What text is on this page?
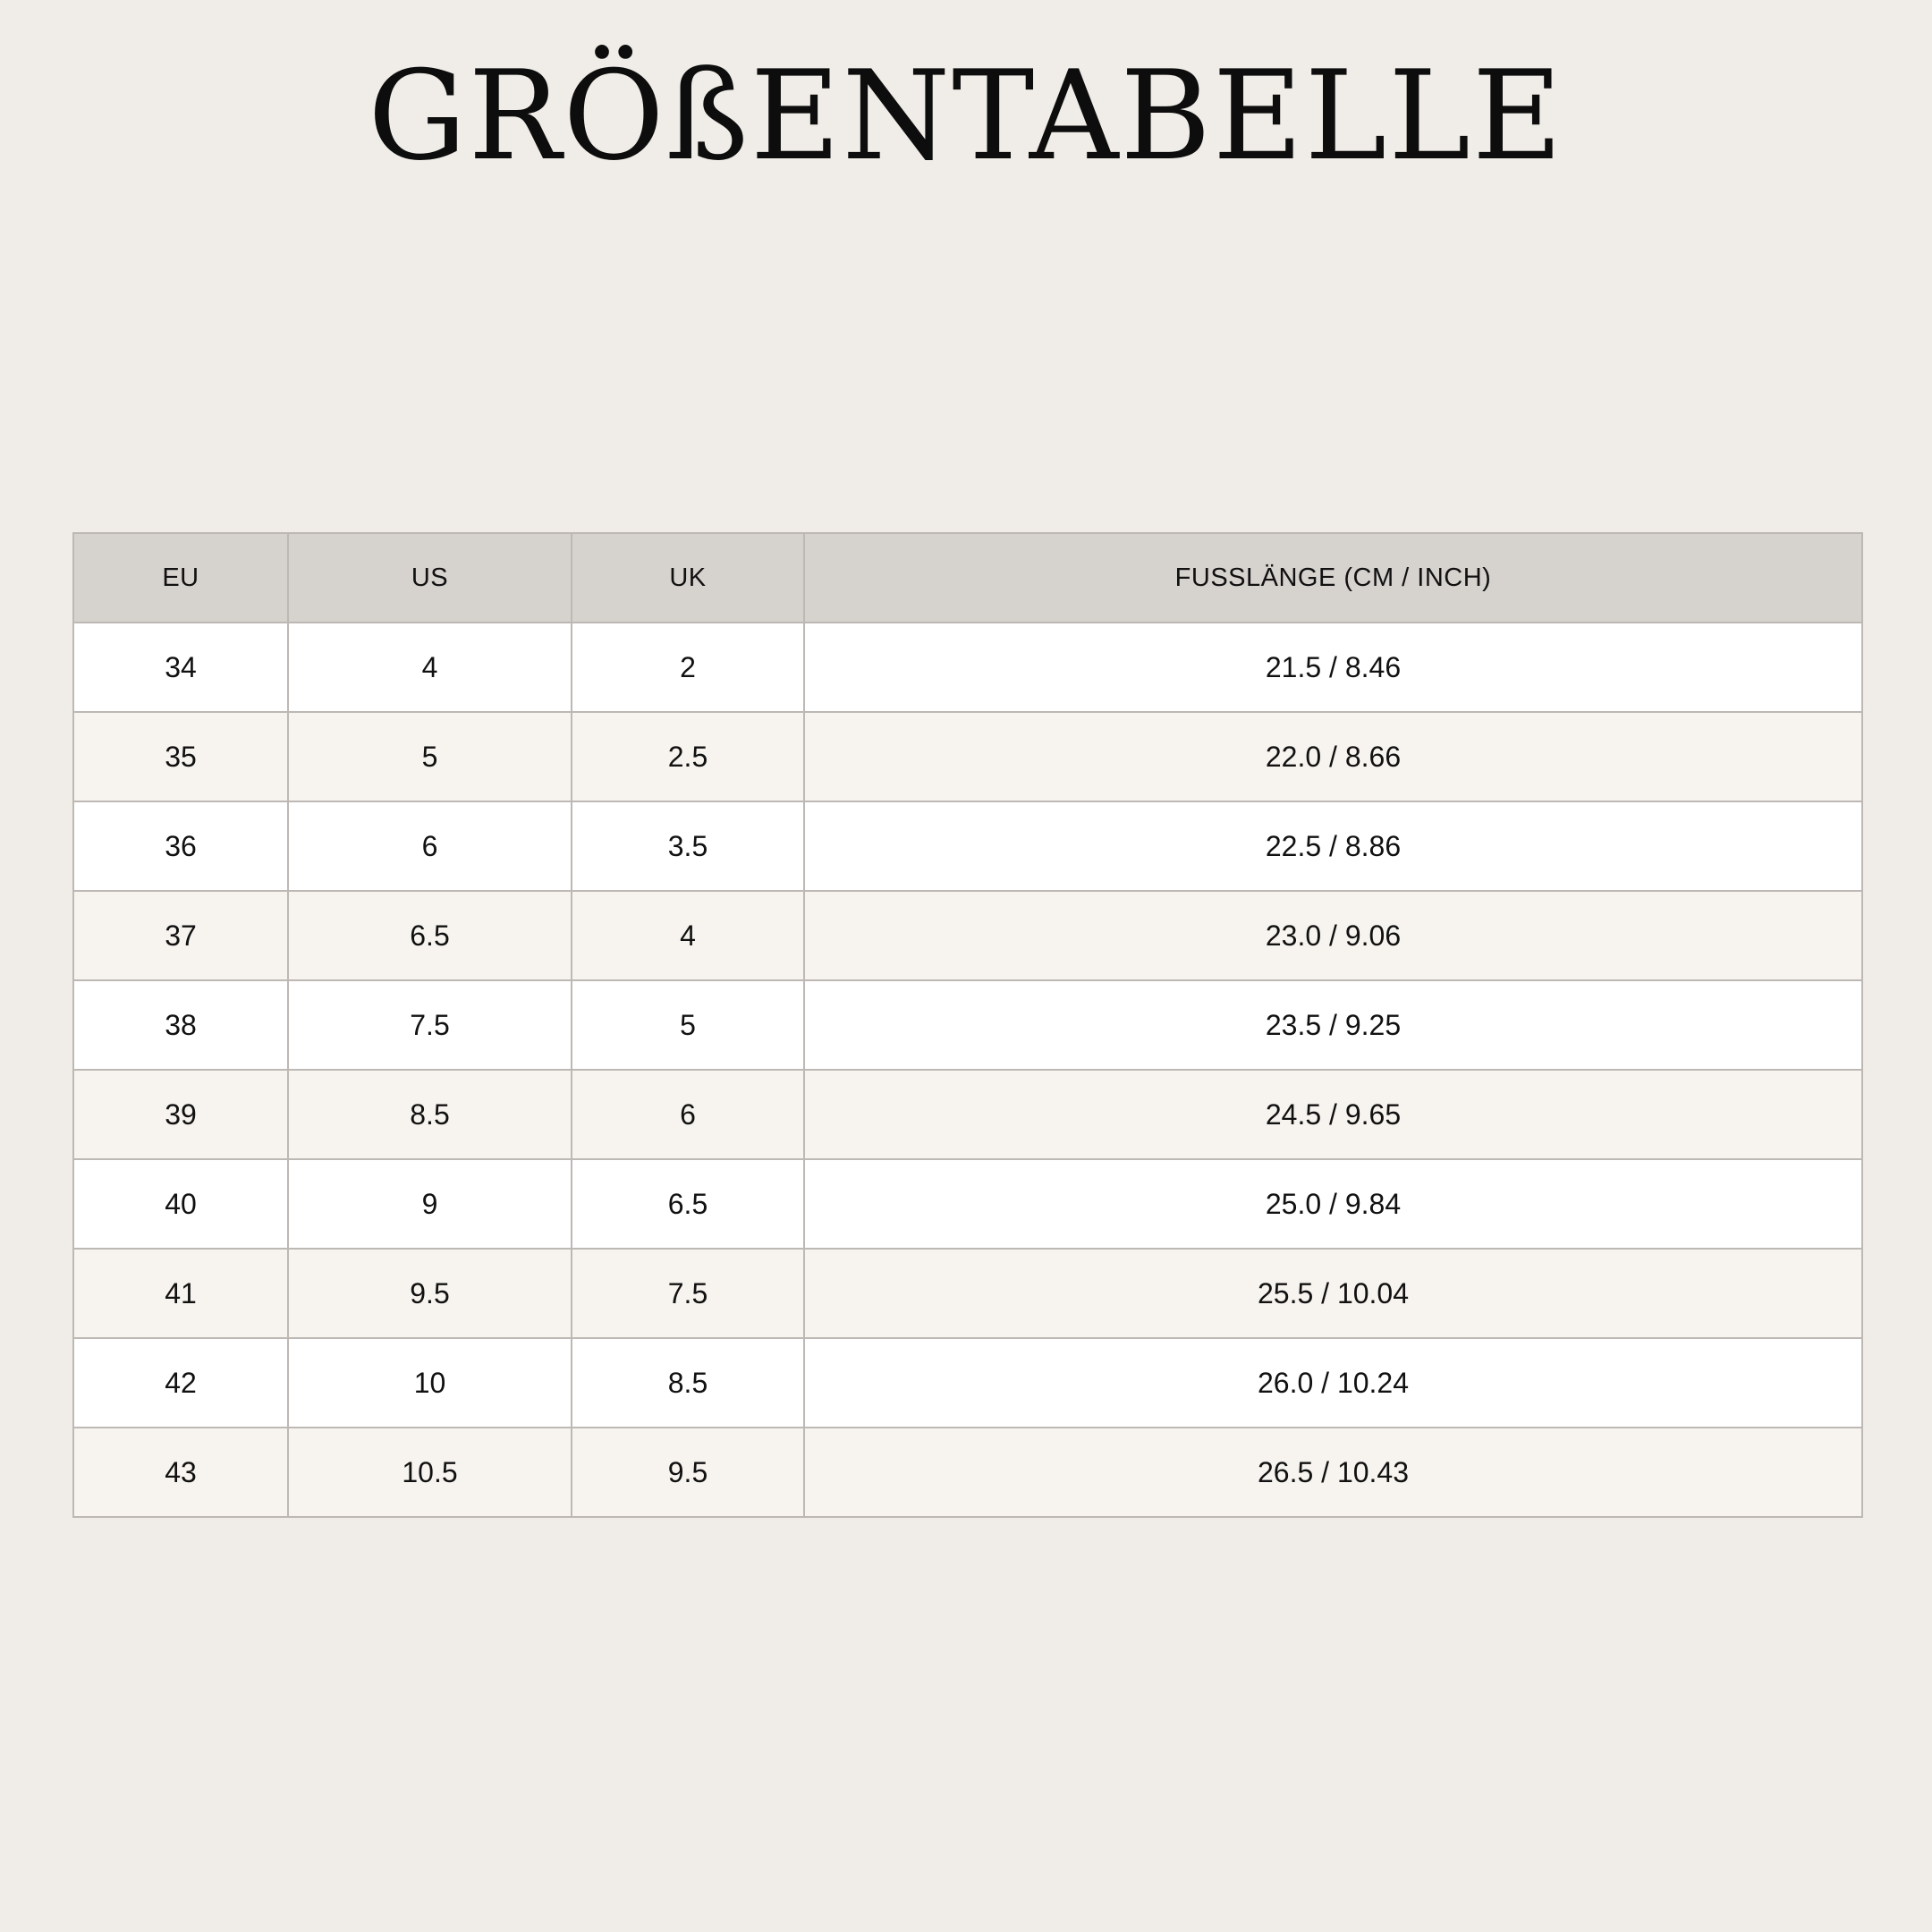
GRÖßENTABELLE
EU	US	UK	FUSSLÄNGE (CM / INCH)
34	4	2	21.5 / 8.46
35	5	2.5	22.0 / 8.66
36	6	3.5	22.5 / 8.86
37	6.5	4	23.0 / 9.06
38	7.5	5	23.5 / 9.25
39	8.5	6	24.5 / 9.65
40	9	6.5	25.0 / 9.84
41	9.5	7.5	25.5 / 10.04
42	10	8.5	26.0 / 10.24
43	10.5	9.5	26.5 / 10.43
